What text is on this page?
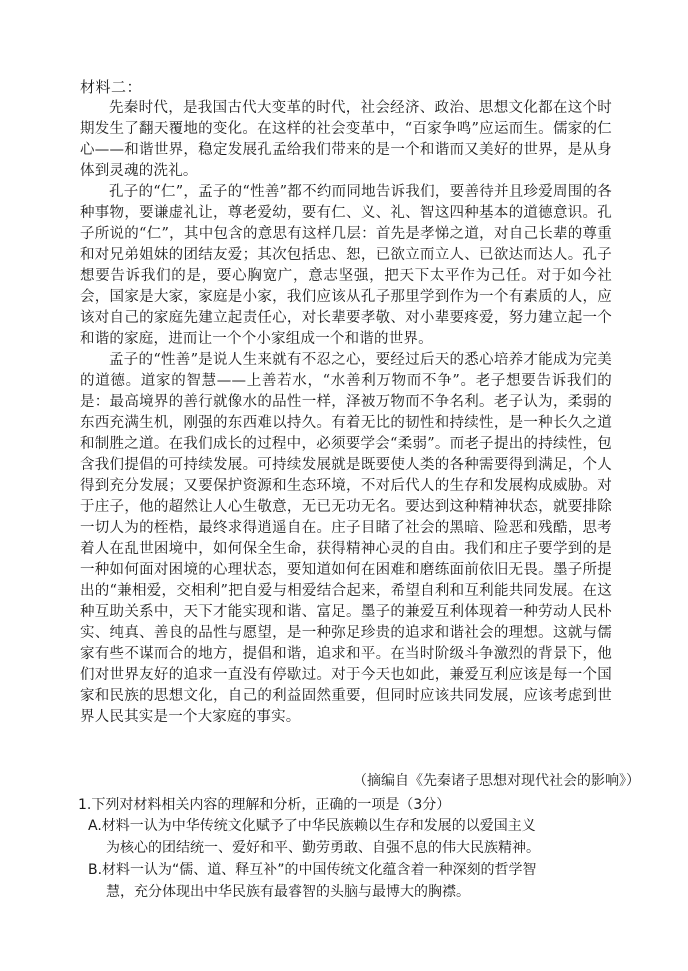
材料二：

先秦时代，是我国古代大变革的时代，社会经济、政治、思想文化都在这个时期发生了翻天覆地的变化。在这样的社会变革中，“百家争鸣”应运而生。儒家的仁心——和谐世界，稳定发展孔孟给我们带来的是一个和谐而又美好的世界，是从身体到灵魂的洗礼。

孔子的“仁”，孟子的“性善”都不约而同地告诉我们，要善待并且珍爱周围的各种事物，要谦虚礼让，尊老爱幼，要有仁、义、礼、智这四种基本的道德意识。孔子所说的“仁”，其中包含的意思有这样几层：首先是孝悌之道，对自己长辈的尊重和对兄弟姐妹的团结友爱；其次包括忠、恕，已欲立而立人、已欲达而达人。孔子想要告诉我们的是，要心胸宽广，意志坚强，把天下太平作为己任。对于如今社会，国家是大家，家庭是小家，我们应该从孔子那里学到作为一个有素质的人，应该对自己的家庭先建立起责任心，对长辈要孝敬、对小辈要疼爱，努力建立起一个和谐的家庭，进而让一个个小家组成一个和谐的世界。

孟子的“性善”是说人生来就有不忍之心，要经过后天的悉心培养才能成为完美的道德。道家的智慧——上善若水，“水善利万物而不争”。老子想要告诉我们的是：最高境界的善行就像水的品性一样，泽被万物而不争名利。老子认为，柔弱的东西充满生机，刚强的东西难以持久。有着无比的韧性和持续性，是一种长久之道和制胜之道。在我们成长的过程中，必须要学会“柔弱”。而老子提出的持续性，包含我们提倡的可持续发展。可持续发展就是既要使人类的各种需要得到满足，个人得到充分发展；又要保护资源和生态环境，不对后代人的生存和发展构成威胁。对于庄子，他的超然让人心生敬意，无已无功无名。要达到这种精神状态，就要排除一切人为的桎梏，最终求得逍遥自在。庄子目睹了社会的黑暗、险恶和残酷，思考着人在乱世困境中，如何保全生命，获得精神心灵的自由。我们和庄子要学到的是一种如何面对困境的心理状态，要知道如何在困难和磨练面前依旧无畏。墨子所提出的“兼相爱，交相利”把自爱与相爱结合起来，希望自利和互利能共同发展。在这种互助关系中，天下才能实现和谐、富足。墨子的兼爱互利体现着一种劳动人民朴实、纯真、善良的品性与愿望，是一种弥足珍贵的追求和谐社会的理想。这就与儒家有些不谋而合的地方，提倡和谐，追求和平。在当时阶级斗争激烈的背景下，他们对世界友好的追求一直没有停歇过。对于今天也如此，兼爱互利应该是每一个国家和民族的思想文化，自己的利益固然重要，但同时应该共同发展，应该考虑到世界人民其实是一个大家庭的事实。

（摘编自《先秦诸子思想对现代社会的影响》）
1.下列对材料相关内容的理解和分析，正确的一项是（3分）
A.材料一认为中华传统文化赋予了中华民族赖以生存和发展的以爱国主义
为核心的团结统一、爱好和平、勤劳勇敢、自强不息的伟大民族精神。
B.材料一认为“儒、道、释互补”的中国传统文化蕴含着一种深刻的哲学智
慧，充分体现出中华民族有最睿智的头脑与最博大的胸襟。
